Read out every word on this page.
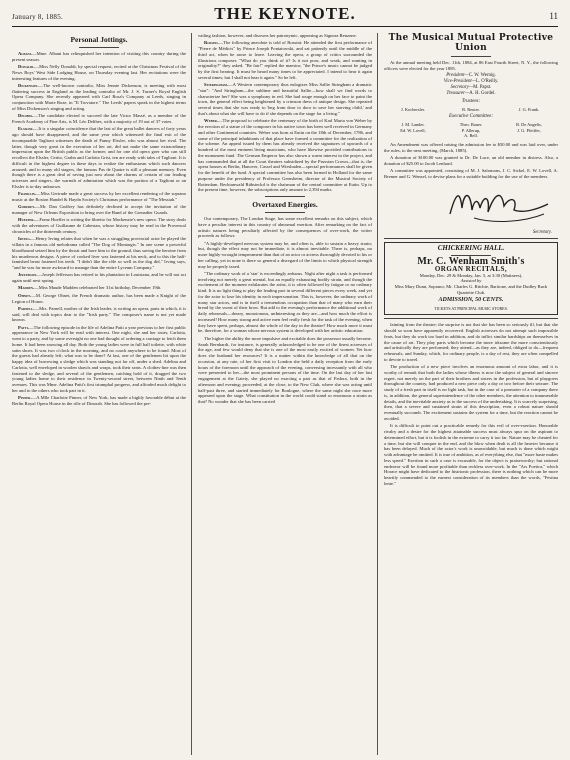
January 8, 1885.	THE KEYNOTE.	11
Personal Jottings.

Albani.—Mme. Albani has relinquished her intention of visiting this country during the present season.

Donaldi.—Miss Nelly Donaldi, by special request, recited at the Christmas Festival of the News Boys' West Side Lodging House, on Thursday evening last. Her recitations were the interesting features of the evening.

Dickenson.—The well-known contralto, Miss Jennie Dickenson, is meeting with most flattering success in England as the leading contralto of Mr. J. S. Turner's Royal English Opera Company. She recently appeared with Carl Rosa's Company at Leeds, singing in conjunction with Marie Roze, in "Il Trovatore." The Leeds' papers speak in the highest terms of Miss Dickenson's singing and acting.

Delibes.—The candidate elected to succeed the late Victor Massé, as a member of the French Academy of Fine Arts, is M. Léo Delibes, with a majority of 19 out of 37 votes.

Elssler.—It is a singular coincidence that the last of the great ballet dancers of forty years ago should have disappeared, and the same year which witnessed the final exit of the incomparable Taglioni witnesses the death of Fanny Elssler, who was almost her rival. The latter, though very great in the execution of her art, did not make the same extraordinary impression upon the British public as the former; and for one old opera goer who can still recollect the Elssler, Cerito, Grahn and Carlotta Grisi, ten are ready with tales of Taglioni. It is difficult in the highest degree in these days to realize the enthusiasm which such dancers aroused; and to many old stagers, the famous Pas de Quatre is still a pleasant memory. Even though there is a great deal of raving just now about the charms of certain of our leading actresses and singers, the warmth of admiration which was the portion of a Taglioni or an Elssler is to-day unknown.

Franklin.—Miss Gertrude made a great success by her excellent rendering of the soprano music at the Boston Handel & Haydn Society's Christmas performance of "The Messiah."

Godfrey.—Mr. Dan Godfrey has definitely declined to accept the invitation of the manager of New Orleans Exposition to bring over the Band of the Grenadier Guards.

Hueffer.—Franz Hueffer is writing the libretto for Mackenzie's new opera. The story deals with the adventures of Guillaume de Cabestan, whose history may be read in the Provencal chronicles of the thirteenth century.

Irving.—Henry Irving relates that when he was a struggling provincial actor he played the villain in a famous old melodrama called "The Dog of Montargis." In one scene a powerful bloodhound seized him by the throat and bore him to the ground, thus saving the heroine from his murderous designs. A piece of cooked liver was fastened at his neck, and to this the half-famished beast fastened his teeth. "I didn't like the rôle so well as the dog did," Irving says, "and he was far more awkward to manage than the entire Lyceum Company."

Jefferson.—Joseph Jefferson has retired to his plantation in Louisiana, and he will not act again until next spring.

Madden.—Miss Maude Madden celebrated her 31st birthday, December 19th.

Ohnet.—M. George Ohnet, the French dramatic author, has been made a Knight of the Legion of Honor.

Parnell.—Mrs. Parnell, mother of the Irish leader, is writing an opera, parts in which, it is said, will deal with topics dear to the "Irish party." The composer's name is not yet made known.

Patti.—The following episode in the life of Adelina Patti a year previous to her first public appearance in New York will be read with interest. One night, she and her sister, Carlotta, went to a party, and by some oversight no one had thought of ordering a carriage to fetch them home. It had been snowing all day. Both the young ladies were in full ball toilette, with white satin shoes. It was two o'clock in the morning, and no coach anywhere to be found. Most of the guests had already left; what was to be done? At last, one of the gentlemen hit upon the happy idea of borrowing a sledge which was standing not far off, under a shed. Adelina and Carlotta, well enveloped in woolen shawls and wraps, took their seats. A clothes-line was then fastened to the sledge, and several of the gentlemen, catching hold of it, dragged the two young ladies home to their residence in Twenty-second street, between Ninth and Tenth avenues. This was Mme. Adelina Patti's first triumphal progress, and afforded much delight to her and to the others who took part in it.

Pinner.—A Mlle Charlotte Pinner, of New York, has made a highly favorable début at the Berlin Royal Opera House in the rôle of Dinorah. She has followed the pre-

vailing fashion, however, and disowns her patronymic, appearing as Signora Benzone.

Rossini.—The following anecdote is told of Rossini: He attended the first performance of "Pierre de Médicis" by Prince Joseph Poniatowski, and sat patiently until the middle of the third act, when he arose to leave. Leaving the opera, a group of critics surrounded the illustrious composer. "What do you think of it? Is it not poor, and weak, and wanting in originality?" they asked. "Be fair!" replied the maestro; "the Prince's music cannot be judged by the first hearing. It must be heard many times to be appreciated. I intend to hear it again several times; but I shall not hear it again." So he left.

Stieringham.—A Western contemporary thus eulogizes Miss Sallie Stringham a dramatic "star": "And Stringham—the sublime and beautiful Sallie—how shall we find words to characterize her? She was a symphony in red. She had rouge enough on her face to paint the town, the general effect being heightened by a crimson dress of antique design. She repeated several times that she was ready to 'beg from door to door to save her starving child,' and that's about what she will have to do if she depends on the stage for a living."

Weber.—The proposal to celebrate the centenary of the birth of Karl Maria von Weber by the erection of a statue of the composer in his native town has been well received in Germany and other Continental countries. Weber was born at Eutin on the 18th of December, 1786, and some of the principal inhabitants of that place have formed a committee for the realization of the scheme. An appeal issued by them has already received the signatures of upwards of a hundred of the most eminent living musicians, who have likewise provided contributions to the monument fund. The German Emperor has also shown a warm interest in the project, and has commanded that at all the Court theatres subsidized by the Prussian Crown—that is, the opera houses at Berlin, Hanover, Cassel and Wiesbaden—special performances shall be given for the benefit of the fund. A special committee has also been formed in Holland for the same purpose under the presidency of Professor Gernsheim, director of the Musical Society of Rotterdam. Bechtanwald Rübsteckd is the chairman of the central committee at Eutin. Up to the present time, however, the subscriptions only amount to 2,394 marks.

Overtaxed Energies.

Our contemporary, The London Stage, has some excellent remarks on this subject, which have a peculiar interest in this country of abnormal exertion. After remarking on the fact of artistic natures being peculiarly affected by the consequences of over-work, the writer proceeds as follows:

"A highly-developed nervous system may be, and often is, able to sustain a heavy strain; but, though the effect may not be immediate, it is almost inevitable. There is, perhaps, no more highly-wrought temperament than that of an actor or actress thoroughly devoted to his or her calling, yet in none is there so general a disregard of the limits to which physical strength may be properly taxed.

"The ordinary work of a 'star' is exceedingly arduous. Night after night a task is performed involving not merely a great mental, but an equally exhausting bodily strain, and though the excitement of the moment exhilarates the artist, it is often followed by fatigue or no ordinary kind. It is no light thing to play the leading part in several different pieces every week, and yet for the actor to lose his identity in each impersonation. This is, however, the ordinary work of many star actors, and is in itself a tremendous occupation than that of many who earn their bread by the sweat of their brow. But add to the evening's performance the additional work of daily rehearsals—dreary, monotonous, unInteresting as they are—and how much the effort is increased! How many strong and active men feel really fresh for the task of the evening, when they have spent, perhaps, almost the whole of the day in the theatre? How much more it must be, therefore, for a woman whose nervous system is developed with her artistic education.

The higher the ability the more impulsive and excitable does the possessor usually become. Sarah Bernhardt, for instance, is generally acknowledged to be one of the finest actresses of the age, and few would deny that she is one of the most easily excited of women. Yet how does she husband her resources? It is a matter within the knowledge of all that on the occasion, at any rate, of her first visit to London she held a daily reception from the early hours of the forenoon until the approach of the evening, conversing incessantly with all who were presented to her—the most prominent persons of the time. On the last day of her last engagement at the Gaiety, she played no exacting a part as that of Fedora, both in the afternoon and evening; proceeded, at the close, to the New Club, where she was acting until half-past three, and started immediately for Boulogne, where the same night she once more appeared upon the stage. What constitution in the world could stand so enormous a strain as that? No wonder that she has been carried

The Musical Mutual Protective Union

At the annual meeting held Dec. 11th, 1884, at 86 East Fourth Street, N. Y., the following officers were elected for the year 1885.

President—C. W. Wernig.
Vice-President—L. O'Reilly.
Secretary—M. Papst.
Treasurer—A. H. Gordel.
Trustees:
J. Kochersler.	R. Reuter.	J. G. Frank.
Executive Committee:
J. M. Lander.	Theo. Bauer.	R. De Angelis,
Ed. W. Lovell,	P. Allerup,	J. G. Pfeiffer,
A. Bell.

An Amendment was offered raising the admission fee to $50.00 and was laid over, under the rules, to the next meeting, (March, 1885).

A donation of $100.00 was granted to Dr. De Luce, an old member in distress. Also, a donation of $25.00 to Jacob Lenhard.

A committee was appointed, consisting of M. J. Salomons, J. C. Sickel, E. W. Lovell, A. Bremer and G. Wenzel, to devise plans for a suitable building for the use of the members.

Secretary.
CHICKERING HALL.
Mr. C. Wenham Smith's
ORGAN RECITALS,
Monday, Dec. 29 & Monday, Jan. 5, at 3:30 (Matinees),
Assisted by
Miss Mary Dunn, Soprano; Mr. Charles G. Ritchie, Baritone, and the Dudley Buck Quartette Club.
ADMISSION, 50 CENTS.
TICKETS AT PRINCIPAL MUSIC STORES.

fainting from the theatre; the surprise is not that she has been so seriously ill, but that she should so soon have apparently recovered. English actresses do not attempt such impossible feats, but they do work too hard in addition, and do inflict similar hardships on themselves in the cause of art. They play parts which become the more irksome the more conscientiously and artistically they are performed; they attend—as they are, indeed, obliged to do—frequent rehearsals, and Sunday, which, for ordinary people, is a day of rest, they are often compelled to devote to travel.

The production of a new piece involves an enormous amount of extra labor, and it is worthy of remark that both the ladies whose illness is now the subject of general and sincere regret, not merely on the part of their brothers and sisters in the profession, but of playgoers throughout the country, had produced a new piece only a day or two before their seizure. The study of a fresh part in itself is no light task, but in the case of a promoter of a company there is, in addition, the general superintendence of the other members, the attention to innumerable details, and the inevitable anxiety as to the success of the undertaking. It is scarcely surprising, then, that a severe and sustained strain of this description, even a robust nature should eventually succumb. The excitement sustains the system for a time, but the reaction cannot be avoided.

It is difficult to point out a practicable remedy for this evil of over-exertion. Honorable rivalry and a desire for the highest attainable success must always spur on the aspirant to determined effort, but it is foolish in the extreme to carry it too far. Nature may be cheated for a time, but she will conquer in the end, and the blow when dealt is all the heavier because it has been delayed. Much of the actor's work is unavoidable, but much is done which might with advantage be omitted. It is true of ambition, as of everything else, that "more haste makes less speed." Exertion in such a case is excusable, for the object is praiseworthy; but rational endeavor will be found more profitable than reckless over-work. In the "Ars Poetica," which Horace might have dedicated to the histrionic profession, there is nothing which can be more heartily commended to the earnest consideration of its members than the words, "Festina lente."
